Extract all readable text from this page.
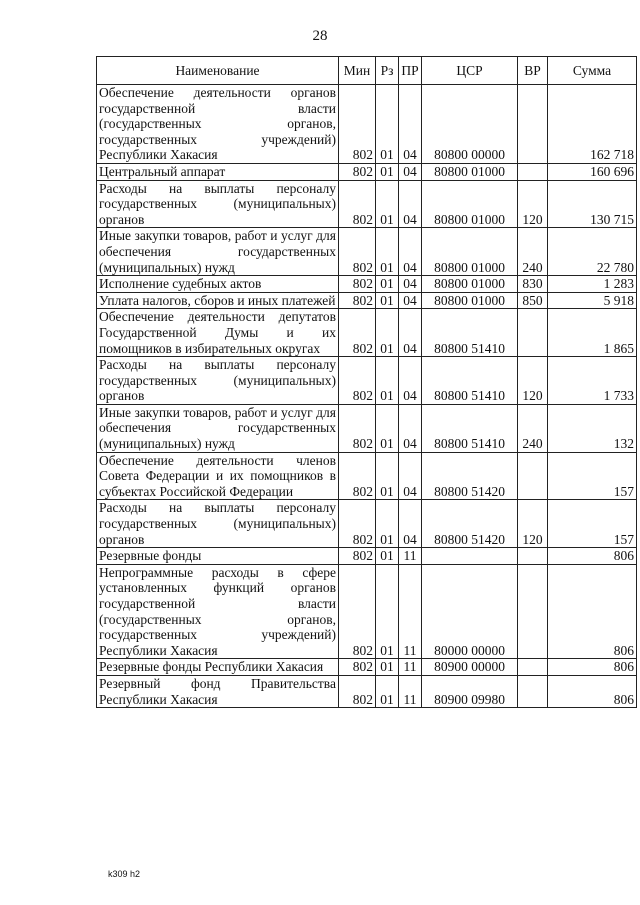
28
Наименование	Мин	Рз	ПР	ЦСР	ВР	Сумма
Обеспечение деятельности органов государственной власти (государственных органов, государственных учреждений) Республики Хакасия	802	01	04	80800 00000		162 718
Центральный аппарат	802	01	04	80800 01000		160 696
Расходы на выплаты персоналу государственных (муниципальных) органов	802	01	04	80800 01000	120	130 715
Иные закупки товаров, работ и услуг для обеспечения государственных (муниципальных) нужд	802	01	04	80800 01000	240	22 780
Исполнение судебных актов	802	01	04	80800 01000	830	1 283
Уплата налогов, сборов и иных платежей	802	01	04	80800 01000	850	5 918
Обеспечение деятельности депутатов Государственной Думы и их помощников в избирательных округах	802	01	04	80800 51410		1 865
Расходы на выплаты персоналу государственных (муниципальных) органов	802	01	04	80800 51410	120	1 733
Иные закупки товаров, работ и услуг для обеспечения государственных (муниципальных) нужд	802	01	04	80800 51410	240	132
Обеспечение деятельности членов Совета Федерации и их помощников в субъектах Российской Федерации	802	01	04	80800 51420		157
Расходы на выплаты персоналу государственных (муниципальных) органов	802	01	04	80800 51420	120	157
Резервные фонды	802	01	11			806
Непрограммные расходы в сфере установленных функций органов государственной власти (государственных органов, государственных учреждений) Республики Хакасия	802	01	11	80000 00000		806
Резервные фонды Республики Хакасия	802	01	11	80900 00000		806
Резервный фонд Правительства Республики Хакасия	802	01	11	80900 09980		806
k309 h2
